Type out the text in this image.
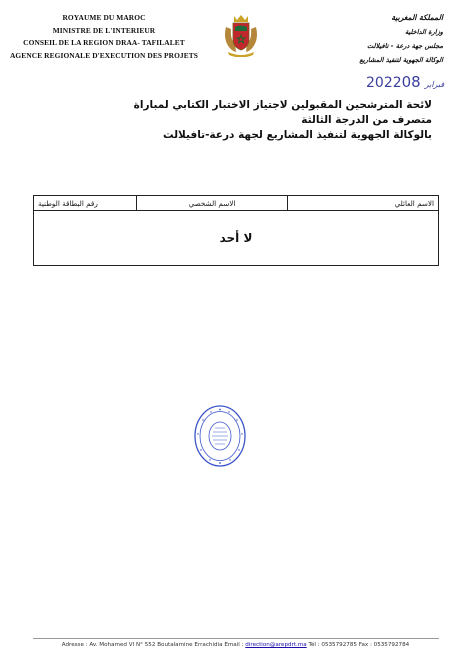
ROYAUME DU MAROC
MINISTRE DE L'INTERIEUR
CONSEIL DE LA REGION DRAA- TAFILALET
AGENCE REGIONALE D'EXECUTION DES PROJETS
المملكة المغربية
وزارة الداخلية
مجلس جهة درعة - تافيلالت
الوكالة الجهوية لتنفيذ المشاريع
2022	فبراير08
لائحة المترشحين المقبولين لاجتياز الاختبار الكتابي لمباراة
متصرف من الدرجة الثالثة
بالوكالة الجهوية لتنفيذ المشاريع لجهة درعة-تافيلالت
الاسم العائلي	الاسم الشخصي	رقم البطاقة الوطنية
لا أحد
Adresse : Av. Mohamed VI N° 552 Boutalamine Errachidia Email : direction@arepdrt.ma Tél : 0535792785 Fax : 0535792784
